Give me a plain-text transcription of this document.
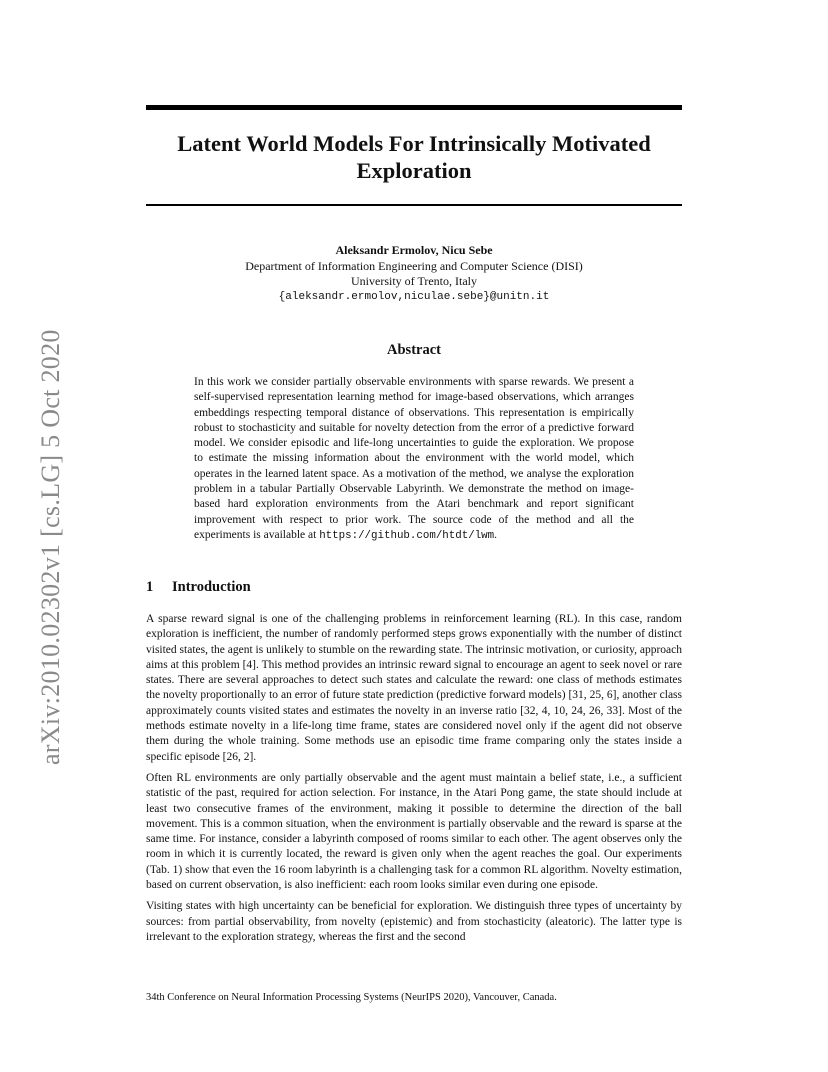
arXiv:2010.02302v1 [cs.LG] 5 Oct 2020
Latent World Models For Intrinsically Motivated Exploration
Aleksandr Ermolov, Nicu Sebe
Department of Information Engineering and Computer Science (DISI)
University of Trento, Italy
{aleksandr.ermolov,niculae.sebe}@unitn.it
Abstract

In this work we consider partially observable environments with sparse rewards. We present a self-supervised representation learning method for image-based observations, which arranges embeddings respecting temporal distance of observations. This representation is empirically robust to stochasticity and suitable for novelty detection from the error of a predictive forward model. We consider episodic and life-long uncertainties to guide the exploration. We propose to estimate the missing information about the environment with the world model, which operates in the learned latent space. As a motivation of the method, we analyse the exploration problem in a tabular Partially Observable Labyrinth. We demonstrate the method on image-based hard exploration environments from the Atari benchmark and report significant improvement with respect to prior work. The source code of the method and all the experiments is available at https://github.com/htdt/lwm.

1 Introduction

A sparse reward signal is one of the challenging problems in reinforcement learning (RL). In this case, random exploration is inefficient, the number of randomly performed steps grows exponentially with the number of distinct visited states, the agent is unlikely to stumble on the rewarding state. The intrinsic motivation, or curiosity, approach aims at this problem [4]. This method provides an intrinsic reward signal to encourage an agent to seek novel or rare states. There are several approaches to detect such states and calculate the reward: one class of methods estimates the novelty proportionally to an error of future state prediction (predictive forward models) [31, 25, 6], another class approximately counts visited states and estimates the novelty in an inverse ratio [32, 4, 10, 24, 26, 33]. Most of the methods estimate novelty in a life-long time frame, states are considered novel only if the agent did not observe them during the whole training. Some methods use an episodic time frame comparing only the states inside a specific episode [26, 2].

Often RL environments are only partially observable and the agent must maintain a belief state, i.e., a sufficient statistic of the past, required for action selection. For instance, in the Atari Pong game, the state should include at least two consecutive frames of the environment, making it possible to determine the direction of the ball movement. This is a common situation, when the environment is partially observable and the reward is sparse at the same time. For instance, consider a labyrinth composed of rooms similar to each other. The agent observes only the room in which it is currently located, the reward is given only when the agent reaches the goal. Our experiments (Tab. 1) show that even the 16 room labyrinth is a challenging task for a common RL algorithm. Novelty estimation, based on current observation, is also inefficient: each room looks similar even during one episode.

Visiting states with high uncertainty can be beneficial for exploration. We distinguish three types of uncertainty by sources: from partial observability, from novelty (epistemic) and from stochasticity (aleatoric). The latter type is irrelevant to the exploration strategy, whereas the first and the second

34th Conference on Neural Information Processing Systems (NeurIPS 2020), Vancouver, Canada.
